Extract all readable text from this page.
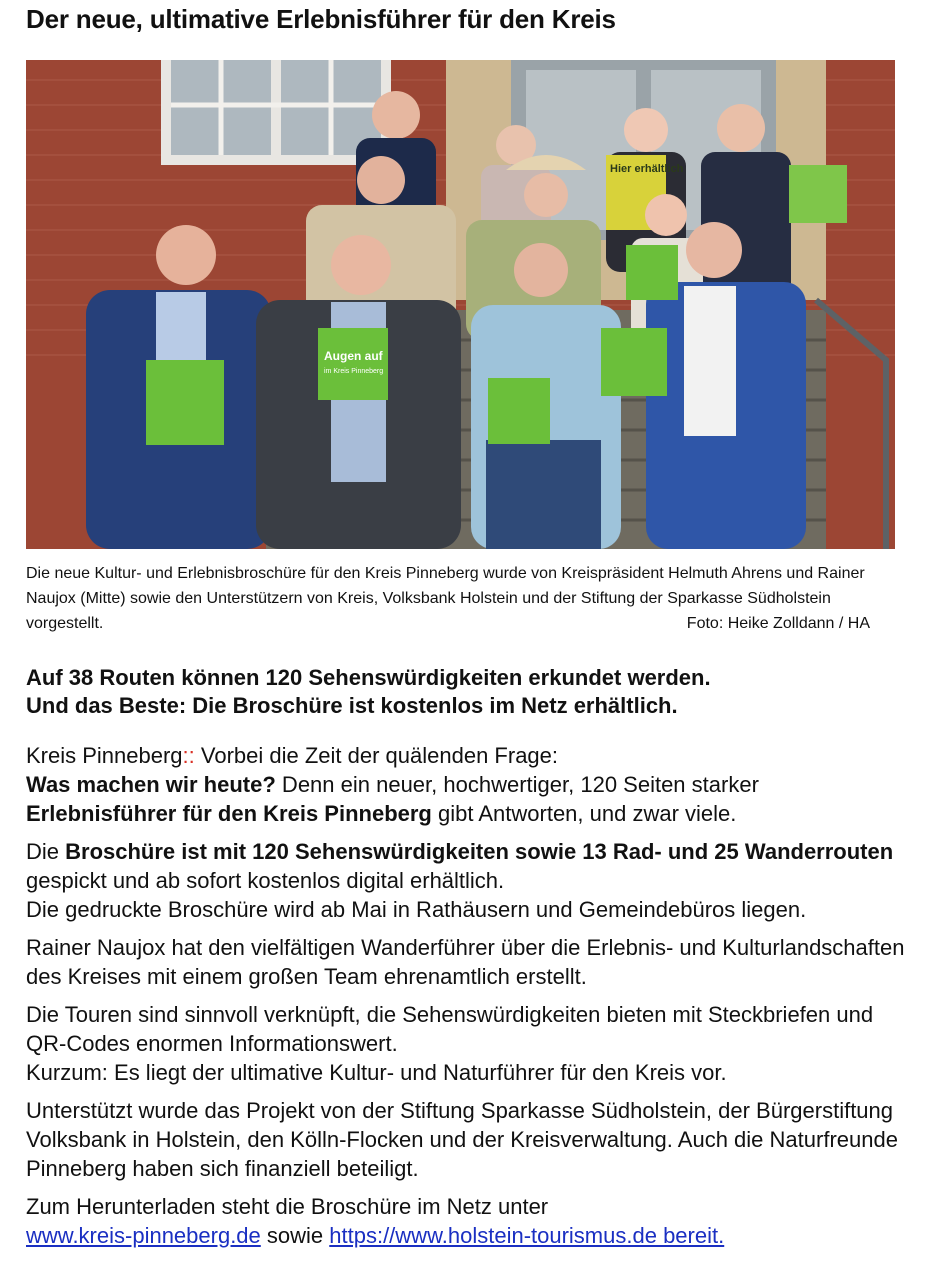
Der neue, ultimative Erlebnisführer für den Kreis
Hier erhältlich
Augen auf
im Kreis Pinneberg
Die neue Kultur- und Erlebnisbroschüre für den Kreis Pinneberg wurde von Kreispräsident Helmuth Ahrens und Rainer Naujox (Mitte) sowie den Unterstützern von Kreis, Volksbank Holstein und der Stiftung der Sparkasse Südholstein vorgestellt.	Foto: Heike Zolldann / HA
Auf 38 Routen können 120 Sehenswürdigkeiten erkundet werden.
Und das Beste: Die Broschüre ist kostenlos im Netz erhältlich.

Kreis Pinneberg:: Vorbei die Zeit der quälenden Frage:
Was machen wir heute? Denn ein neuer, hochwertiger, 120 Seiten starker Erlebnisführer für den Kreis Pinneberg gibt Antworten, und zwar viele.

Die Broschüre ist mit 120 Sehenswürdigkeiten sowie 13 Rad- und 25 Wanderrouten gespickt und ab sofort kostenlos digital erhältlich.
Die gedruckte Broschüre wird ab Mai in Rathäusern und Gemeindebüros liegen.

Rainer Naujox hat den vielfältigen Wanderführer über die Erlebnis- und Kulturlandschaften des Kreises mit einem großen Team ehrenamtlich erstellt.

Die Touren sind sinnvoll verknüpft, die Sehenswürdigkeiten bieten mit Steckbriefen und QR-Codes enormen Informationswert.
Kurzum: Es liegt der ultimative Kultur- und Naturführer für den Kreis vor.

Unterstützt wurde das Projekt von der Stiftung Sparkasse Südholstein, der Bürgerstiftung Volksbank in Holstein, den Kölln-Flocken und der Kreisverwaltung. Auch die Naturfreunde Pinneberg haben sich finanziell beteiligt.

Zum Herunterladen steht die Broschüre im Netz unter
www.kreis-pinneberg.de sowie https://www.holstein-tourismus.de bereit.
